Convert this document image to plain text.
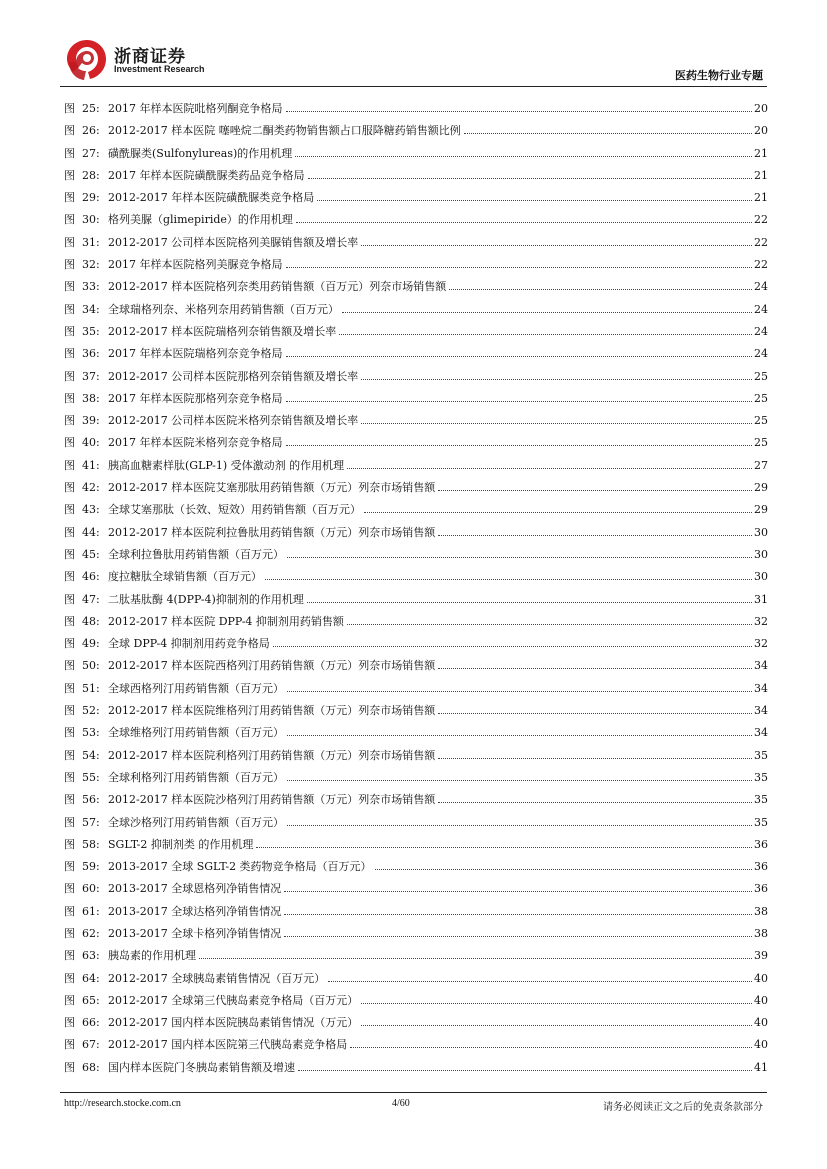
浙商证券
Investment Research	医药生物行业专题
图 25: 2017 年样本医院吡格列酮竞争格局	20
图 26: 2012-2017 样本医院 噻唑烷二酮类药物销售额占口服降糖药销售额比例	20
图 27: 磺酰脲类(Sulfonylureas)的作用机理	21
图 28: 2017 年样本医院磺酰脲类药品竞争格局	21
图 29: 2012-2017 年样本医院磺酰脲类竞争格局	21
图 30: 格列美脲（glimepiride）的作用机理	22
图 31: 2012-2017 公司样本医院格列美脲销售额及增长率	22
图 32: 2017 年样本医院格列美脲竞争格局	22
图 33: 2012-2017 样本医院格列奈类用药销售额（百万元）列奈市场销售额	24
图 34: 全球瑞格列奈、米格列奈用药销售额（百万元）	24
图 35: 2012-2017 样本医院瑞格列奈销售额及增长率	24
图 36: 2017 年样本医院瑞格列奈竞争格局	24
图 37: 2012-2017 公司样本医院那格列奈销售额及增长率	25
图 38: 2017 年样本医院那格列奈竞争格局	25
图 39: 2012-2017 公司样本医院米格列奈销售额及增长率	25
图 40: 2017 年样本医院米格列奈竞争格局	25
图 41: 胰高血糖素样肽(GLP-1) 受体激动剂 的作用机理	27
图 42: 2012-2017 样本医院艾塞那肽用药销售额（万元）列奈市场销售额	29
图 43: 全球艾塞那肽（长效、短效）用药销售额（百万元）	29
图 44: 2012-2017 样本医院利拉鲁肽用药销售额（万元）列奈市场销售额	30
图 45: 全球利拉鲁肽用药销售额（百万元）	30
图 46: 度拉糖肽全球销售额（百万元）	30
图 47: 二肽基肽酶 4(DPP-4)抑制剂的作用机理	31
图 48: 2012-2017 样本医院 DPP-4 抑制剂用药销售额	32
图 49: 全球 DPP-4 抑制剂用药竞争格局	32
图 50: 2012-2017 样本医院西格列汀用药销售额（万元）列奈市场销售额	34
图 51: 全球西格列汀用药销售额（百万元）	34
图 52: 2012-2017 样本医院维格列汀用药销售额（万元）列奈市场销售额	34
图 53: 全球维格列汀用药销售额（百万元）	34
图 54: 2012-2017 样本医院利格列汀用药销售额（万元）列奈市场销售额	35
图 55: 全球利格列汀用药销售额（百万元）	35
图 56: 2012-2017 样本医院沙格列汀用药销售额（万元）列奈市场销售额	35
图 57: 全球沙格列汀用药销售额（百万元）	35
图 58: SGLT-2 抑制剂类 的作用机理	36
图 59: 2013-2017 全球 SGLT-2 类药物竞争格局（百万元）	36
图 60: 2013-2017 全球恩格列净销售情况	36
图 61: 2013-2017 全球达格列净销售情况	38
图 62: 2013-2017 全球卡格列净销售情况	38
图 63: 胰岛素的作用机理	39
图 64: 2012-2017 全球胰岛素销售情况（百万元）	40
图 65: 2012-2017 全球第三代胰岛素竞争格局（百万元）	40
图 66: 2012-2017 国内样本医院胰岛素销售情况（万元）	40
图 67: 2012-2017 国内样本医院第三代胰岛素竞争格局	40
图 68: 国内样本医院门冬胰岛素销售额及增速	41
http://research.stocke.com.cn	4/60	请务必阅读正文之后的免责条款部分
